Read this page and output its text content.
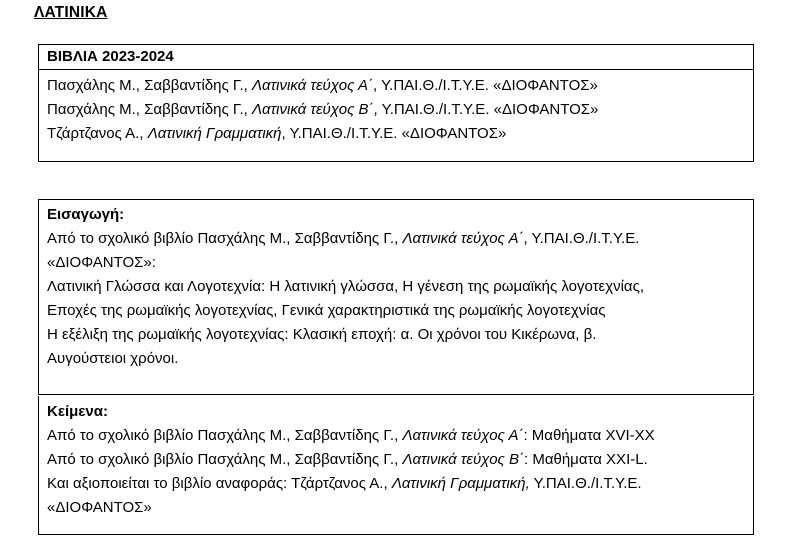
ΛΑΤΙΝΙΚΑ
ΒΙΒΛΙΑ 2023-2024
Πασχάλης Μ., Σαββαντίδης Γ., Λατινικά τεύχος Α΄, Υ.ΠΑΙ.Θ./Ι.Τ.Υ.Ε. «ΔΙΟΦΑΝΤΟΣ»
Πασχάλης Μ., Σαββαντίδης Γ., Λατινικά τεύχος Β΄, Υ.ΠΑΙ.Θ./Ι.Τ.Υ.Ε. «ΔΙΟΦΑΝΤΟΣ»
Τζάρτζανος Α., Λατινική Γραμματική, Υ.ΠΑΙ.Θ./Ι.Τ.Υ.Ε. «ΔΙΟΦΑΝΤΟΣ»
Εισαγωγή:
Από το σχολικό βιβλίο Πασχάλης Μ., Σαββαντίδης Γ., Λατινικά τεύχος Α΄, Υ.ΠΑΙ.Θ./Ι.Τ.Υ.Ε.
«ΔΙΟΦΑΝΤΟΣ»:
Λατινική Γλώσσα και Λογοτεχνία: Η λατινική γλώσσα, Η γένεση της ρωμαϊκής λογοτεχνίας,
Εποχές της ρωμαϊκής λογοτεχνίας, Γενικά χαρακτηριστικά της ρωμαϊκής λογοτεχνίας
Η εξέλιξη της ρωμαϊκής λογοτεχνίας: Κλασική εποχή: α. Οι χρόνοι του Κικέρωνα, β.
Αυγούστειοι χρόνοι.
Κείμενα:
Από το σχολικό βιβλίο Πασχάλης Μ., Σαββαντίδης Γ., Λατινικά τεύχος Α΄: Μαθήματα XVI-XX
Από το σχολικό βιβλίο Πασχάλης Μ., Σαββαντίδης Γ., Λατινικά τεύχος Β΄: Μαθήματα XXI-L.
Και αξιοποιείται το βιβλίο αναφοράς: Τζάρτζανος Α., Λατινική Γραμματική, Υ.ΠΑΙ.Θ./Ι.Τ.Υ.Ε.
«ΔΙΟΦΑΝΤΟΣ»
